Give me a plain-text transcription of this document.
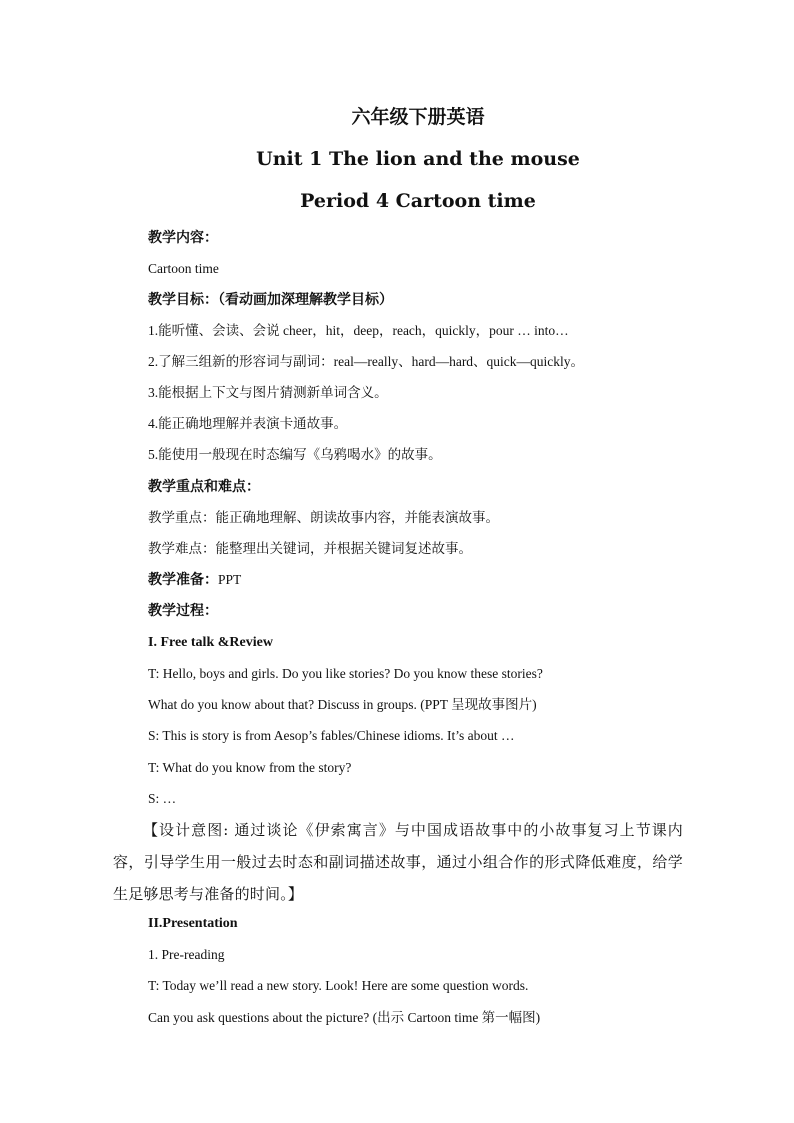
六年级下册英语
Unit 1 The lion and the mouse
Period 4 Cartoon time
教学内容：
Cartoon time
教学目标：（看动画加深理解教学目标）
1.能听懂、会读、会说 cheer，hit，deep，reach，quickly，pour … into…
2.了解三组新的形容词与副词：real—really、hard—hard、quick—quickly。
3.能根据上下文与图片猜测新单词含义。
4.能正确地理解并表演卡通故事。
5.能使用一般现在时态编写《乌鸦喝水》的故事。
教学重点和难点：
教学重点：能正确地理解、朗读故事内容，并能表演故事。
教学难点：能整理出关键词，并根据关键词复述故事。
教学准备：PPT
教学过程：
I. Free talk &Review
T: Hello, boys and girls. Do you like stories? Do you know these stories?
What do you know about that? Discuss in groups. (PPT 呈现故事图片)
S: This is story is from Aesop’s fables/Chinese idioms. It’s about …
T: What do you know from the story?
S: …
【设计意图: 通过谈论《伊索寓言》与中国成语故事中的小故事复习上节课内容，引导学生用一般过去时态和副词描述故事，通过小组合作的形式降低难度，给学生足够思考与准备的时间。】
II.Presentation
1. Pre-reading
T: Today we’ll read a new story. Look! Here are some question words.
Can you ask questions about the picture? (出示 Cartoon time 第一幅图)
